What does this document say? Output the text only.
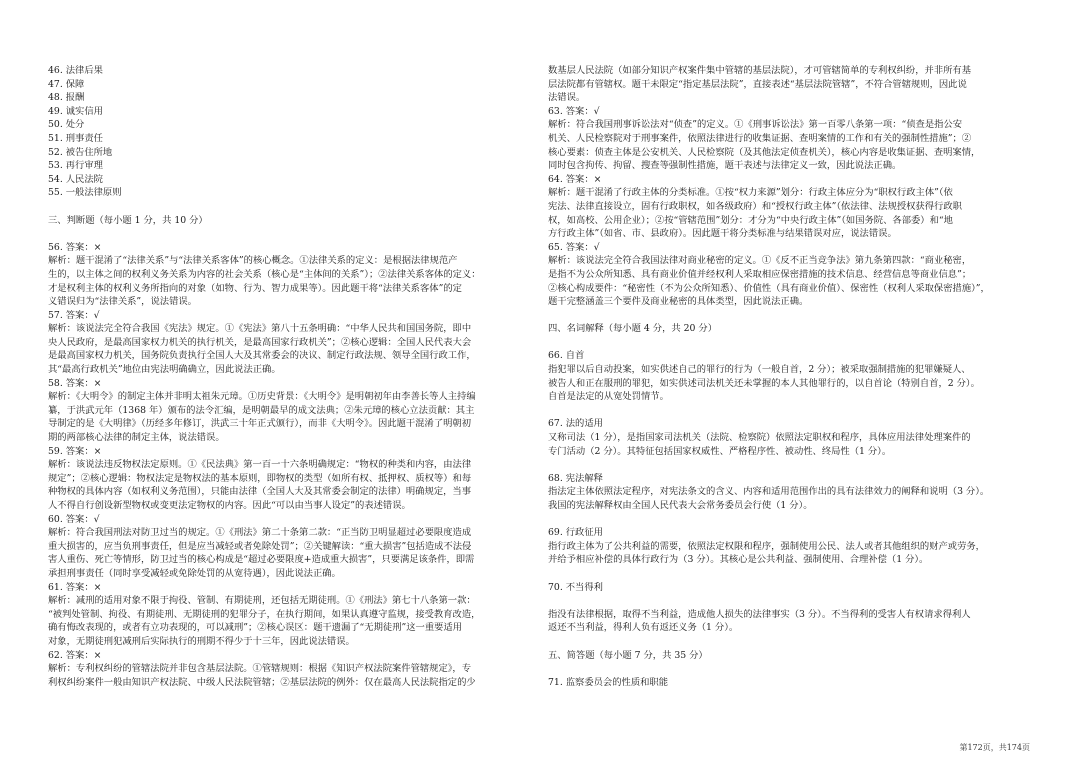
46. 法律后果

47. 保障

48. 报酬

49. 诚实信用

50. 处分

51. 刑事责任

52. 被告住所地

53. 再行审理

54. 人民法院

55. 一般法律原则

三、判断题（每小题 1 分，共 10 分）

56. 答案：×

解析：题干混淆了“法律关系”与“法律关系客体”的核心概念。①法律关系的定义：是根据法律规范产

生的，以主体之间的权利义务关系为内容的社会关系（核心是“主体间的关系”）；②法律关系客体的定义：

才是权利主体的权利义务所指向的对象（如物、行为、智力成果等）。因此题干将“法律关系客体”的定

义错误归为“法律关系”，说法错误。

57. 答案：√

解析：该说法完全符合我国《宪法》规定。①《宪法》第八十五条明确：“中华人民共和国国务院，即中

央人民政府，是最高国家权力机关的执行机关，是最高国家行政机关”；②核心逻辑：全国人民代表大会

是最高国家权力机关，国务院负责执行全国人大及其常委会的决议、制定行政法规、领导全国行政工作，

其“最高行政机关”地位由宪法明确确立，因此说法正确。

58. 答案：×

解析：《大明令》的制定主体并非明太祖朱元璋。①历史背景：《大明令》是明朝初年由李善长等人主持编

纂，于洪武元年（1368 年）颁布的法令汇编，是明朝最早的成文法典；②朱元璋的核心立法贡献：其主

导制定的是《大明律》（历经多年修订，洪武三十年正式颁行），而非《大明令》。因此题干混淆了明朝初

期的两部核心法律的制定主体，说法错误。

59. 答案：×

解析：该说法违反物权法定原则。①《民法典》第一百一十六条明确规定：“物权的种类和内容，由法律

规定”；②核心逻辑：物权法定是物权法的基本原则，即物权的类型（如所有权、抵押权、质权等）和每

种物权的具体内容（如权利义务范围），只能由法律（全国人大及其常委会制定的法律）明确规定，当事

人不得自行创设新型物权或变更法定物权的内容。因此“可以由当事人设定”的表述错误。

60. 答案：√

解析：符合我国刑法对防卫过当的规定。①《刑法》第二十条第二款：“正当防卫明显超过必要限度造成

重大损害的，应当负刑事责任，但是应当减轻或者免除处罚”；②关键解读：“重大损害”包括造成不法侵

害人重伤、死亡等情形，防卫过当的核心构成是“超过必要限度+造成重大损害”，只要满足该条件，即需

承担刑事责任（同时享受减轻或免除处罚的从宽待遇），因此说法正确。

61. 答案：×

解析：减刑的适用对象不限于拘役、管制、有期徒刑，还包括无期徒刑。①《刑法》第七十八条第一款：

“被判处管制、拘役、有期徒刑、无期徒刑的犯罪分子，在执行期间，如果认真遵守监规，接受教育改造，

确有悔改表现的，或者有立功表现的，可以减刑”；②核心误区：题干遗漏了“无期徒刑”这一重要适用

对象，无期徒刑犯减刑后实际执行的刑期不得少于十三年，因此说法错误。

62. 答案：×

解析：专利权纠纷的管辖法院并非包含基层法院。①管辖规则：根据《知识产权法院案件管辖规定》，专

利权纠纷案件一般由知识产权法院、中级人民法院管辖；②基层法院的例外：仅在最高人民法院指定的少

数基层人民法院（如部分知识产权案件集中管辖的基层法院），才可管辖简单的专利权纠纷，并非所有基

层法院都有管辖权。题干未限定“指定基层法院”，直接表述“基层法院管辖”，不符合管辖规则，因此说

法错误。

63. 答案：√

解析：符合我国刑事诉讼法对“侦查”的定义。①《刑事诉讼法》第一百零八条第一项：“侦查是指公安

机关、人民检察院对于刑事案件，依照法律进行的收集证据、查明案情的工作和有关的强制性措施”；②

核心要素：侦查主体是公安机关、人民检察院（及其他法定侦查机关），核心内容是收集证据、查明案情，

同时包含拘传、拘留、搜查等强制性措施，题干表述与法律定义一致，因此说法正确。

64. 答案：×

解析：题干混淆了行政主体的分类标准。①按“权力来源”划分：行政主体应分为“职权行政主体”（依

宪法、法律直接设立，固有行政职权，如各级政府）和“授权行政主体”（依法律、法规授权获得行政职

权，如高校、公用企业）；②按“管辖范围”划分：才分为“中央行政主体”（如国务院、各部委）和“地

方行政主体”（如省、市、县政府）。因此题干将分类标准与结果错误对应，说法错误。

65. 答案：√

解析：该说法完全符合我国法律对商业秘密的定义。①《反不正当竞争法》第九条第四款：“商业秘密，

是指不为公众所知悉、具有商业价值并经权利人采取相应保密措施的技术信息、经营信息等商业信息”；

②核心构成要件：“秘密性（不为公众所知悉）、价值性（具有商业价值）、保密性（权利人采取保密措施）”，

题干完整涵盖三个要件及商业秘密的具体类型，因此说法正确。

四、名词解释（每小题 4 分，共 20 分）

66. 自首

指犯罪以后自动投案，如实供述自己的罪行的行为（一般自首，2 分）；被采取强制措施的犯罪嫌疑人、

被告人和正在服刑的罪犯，如实供述司法机关还未掌握的本人其他罪行的，以自首论（特别自首，2 分）。

自首是法定的从宽处罚情节。

67. 法的适用

又称司法（1 分），是指国家司法机关（法院、检察院）依照法定职权和程序，具体应用法律处理案件的

专门活动（2 分）。其特征包括国家权威性、严格程序性、被动性、终局性（1 分）。

68. 宪法解释

指法定主体依照法定程序，对宪法条文的含义、内容和适用范围作出的具有法律效力的阐释和说明（3 分）。

我国的宪法解释权由全国人民代表大会常务委员会行使（1 分）。

69. 行政征用

指行政主体为了公共利益的需要，依照法定权限和程序，强制使用公民、法人或者其他组织的财产或劳务，

并给予相应补偿的具体行政行为（3 分）。其核心是公共利益、强制使用、合理补偿（1 分）。

70. 不当得利

指没有法律根据，取得不当利益，造成他人损失的法律事实（3 分）。不当得利的受害人有权请求得利人

返还不当利益，得利人负有返还义务（1 分）。

五、简答题（每小题 7 分，共 35 分）

71. 监察委员会的性质和职能

第172页，共174页
